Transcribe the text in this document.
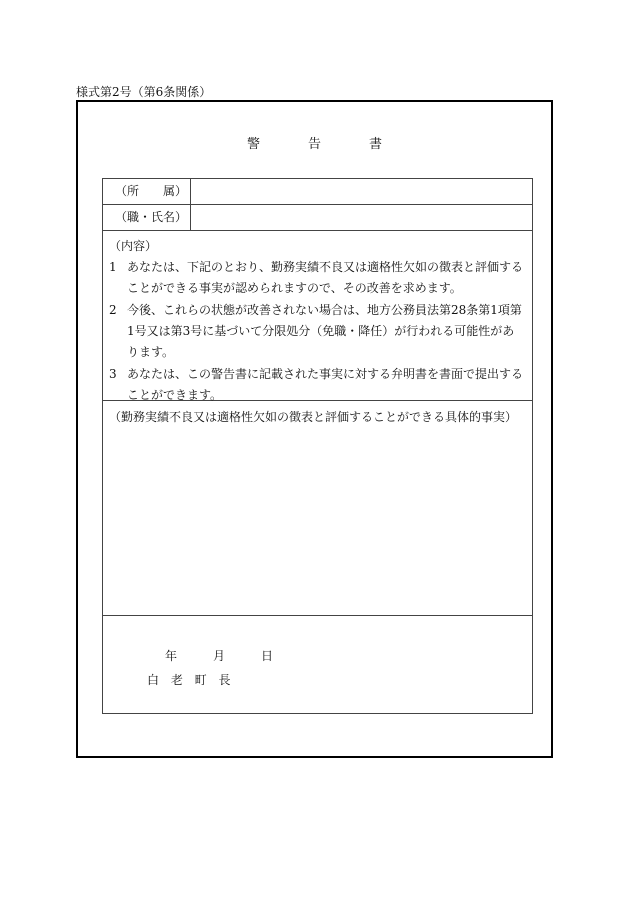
様式第2号（第6条関係）
警告書
（所　　属）
（職・氏名）
（内容）
1 あなたは、下記のとおり、勤務実績不良又は適格性欠如の徴表と評価することができる事実が認められますので、その改善を求めます。
2 今後、これらの状態が改善されない場合は、地方公務員法第28条第1項第1号又は第3号に基づいて分限処分（免職・降任）が行われる可能性があります。
3 あなたは、この警告書に記載された事実に対する弁明書を書面で提出することができます。
（勤務実績不良又は適格性欠如の徴表と評価することができる具体的事実）
年　　月　　日
白 老 町 長
